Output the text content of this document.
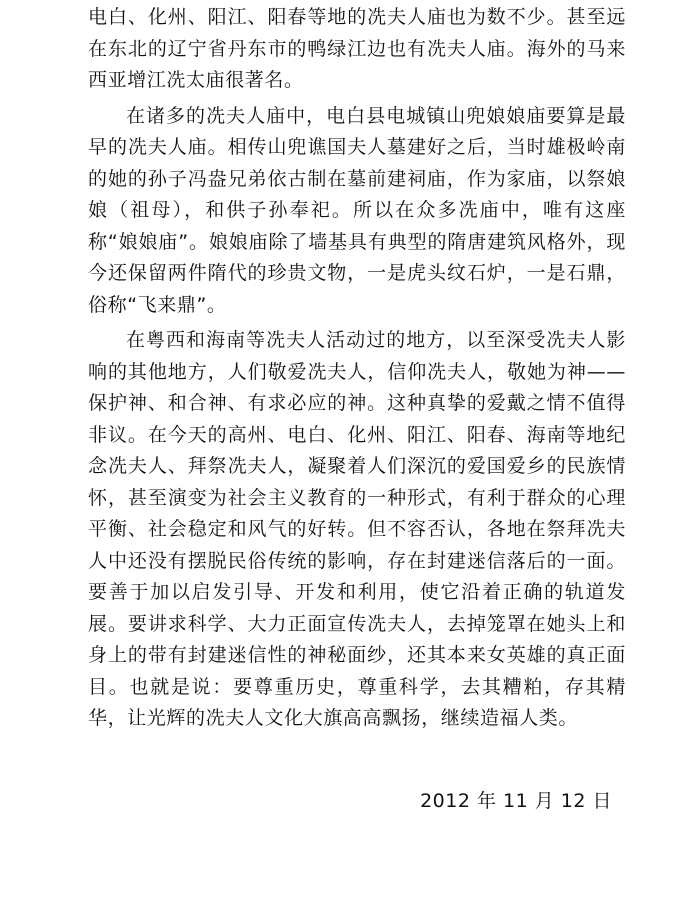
电白、化州、阳江、阳春等地的冼夫人庙也为数不少。甚至远在东北的辽宁省丹东市的鸭绿江边也有冼夫人庙。海外的马来西亚增江冼太庙很著名。

在诸多的冼夫人庙中，电白县电城镇山兜娘娘庙要算是最早的冼夫人庙。相传山兜谯国夫人墓建好之后，当时雄极岭南的她的孙子冯盎兄弟依古制在墓前建祠庙，作为家庙，以祭娘娘（祖母），和供子孙奉祀。所以在众多冼庙中，唯有这座称“娘娘庙”。娘娘庙除了墙基具有典型的隋唐建筑风格外，现今还保留两件隋代的珍贵文物，一是虎头纹石炉，一是石鼎，俗称“飞来鼎”。

在粤西和海南等冼夫人活动过的地方，以至深受冼夫人影响的其他地方，人们敬爱冼夫人，信仰冼夫人，敬她为神——保护神、和合神、有求必应的神。这种真挚的爱戴之情不值得非议。在今天的高州、电白、化州、阳江、阳春、海南等地纪念冼夫人、拜祭冼夫人，凝聚着人们深沉的爱国爱乡的民族情怀，甚至演变为社会主义教育的一种形式，有利于群众的心理平衡、社会稳定和风气的好转。但不容否认，各地在祭拜冼夫人中还没有摆脱民俗传统的影响，存在封建迷信落后的一面。要善于加以启发引导、开发和利用，使它沿着正确的轨道发展。要讲求科学、大力正面宣传冼夫人，去掉笼罩在她头上和身上的带有封建迷信性的神秘面纱，还其本来女英雄的真正面目。也就是说：要尊重历史，尊重科学，去其糟粕，存其精华，让光辉的冼夫人文化大旗高高飘扬，继续造福人类。

2012 年 11 月 12 日
